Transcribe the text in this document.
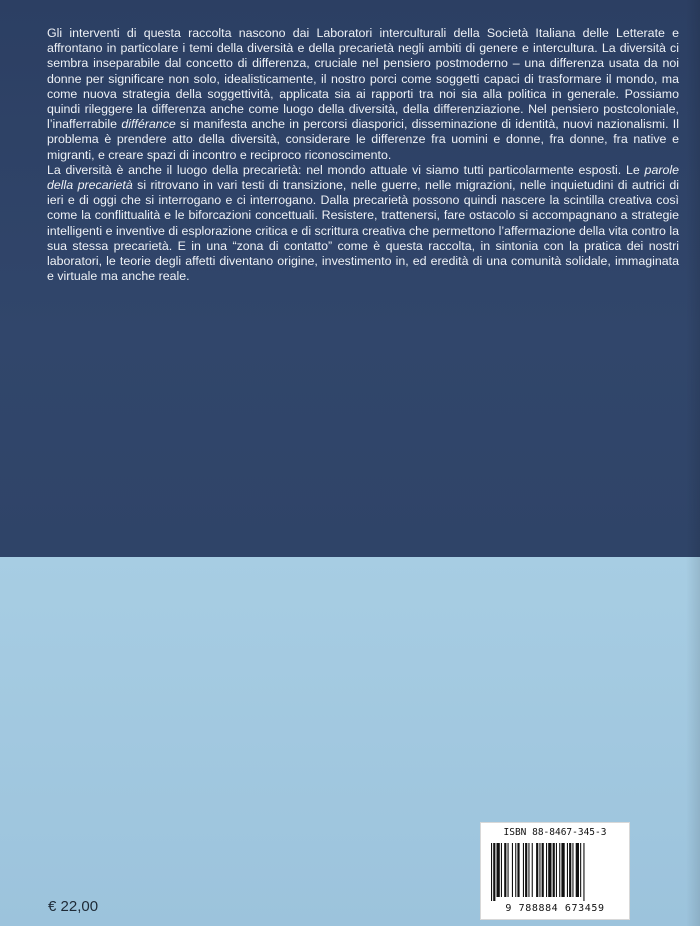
Gli interventi di questa raccolta nascono dai Laboratori interculturali della Società Italiana delle Letterate e affrontano in particolare i temi della diversità e della precarietà negli ambiti di genere e intercultura. La diversità ci sembra inseparabile dal concetto di differenza, cruciale nel pensiero postmoderno – una differenza usata da noi donne per significare non solo, idealisticamente, il nostro porci come soggetti capaci di trasformare il mondo, ma come nuova strategia della soggettività, applicata sia ai rapporti tra noi sia alla politica in generale. Possiamo quindi rileggere la differenza anche come luogo della diversità, della differenziazione. Nel pensiero postcoloniale, l’inafferrabile différance si manifesta anche in percorsi diasporici, disseminazione di identità, nuovi nazionalismi. Il problema è prendere atto della diversità, considerare le differenze fra uomini e donne, fra donne, fra native e migranti, e creare spazi di incontro e reciproco riconoscimento.

La diversità è anche il luogo della precarietà: nel mondo attuale vi siamo tutti particolarmente esposti. Le parole della precarietà si ritrovano in vari testi di transizione, nelle guerre, nelle migrazioni, nelle inquietudini di autrici di ieri e di oggi che si interrogano e ci interrogano. Dalla precarietà possono quindi nascere la scintilla creativa così come la conflittualità e le biforcazioni concettuali. Resistere, trattenersi, fare ostacolo si accompagnano a strategie intelligenti e inventive di esplorazione critica e di scrittura creativa che permettono l’affermazione della vita contro la sua stessa precarietà. E in una “zona di contatto” come è questa raccolta, in sintonia con la pratica dei nostri laboratori, le teorie degli affetti diventano origine, investimento in, ed eredità di una comunità solidale, immaginata e virtuale ma anche reale.

€ 22,00
ISBN 88-8467-345-3
9 788884 673459
